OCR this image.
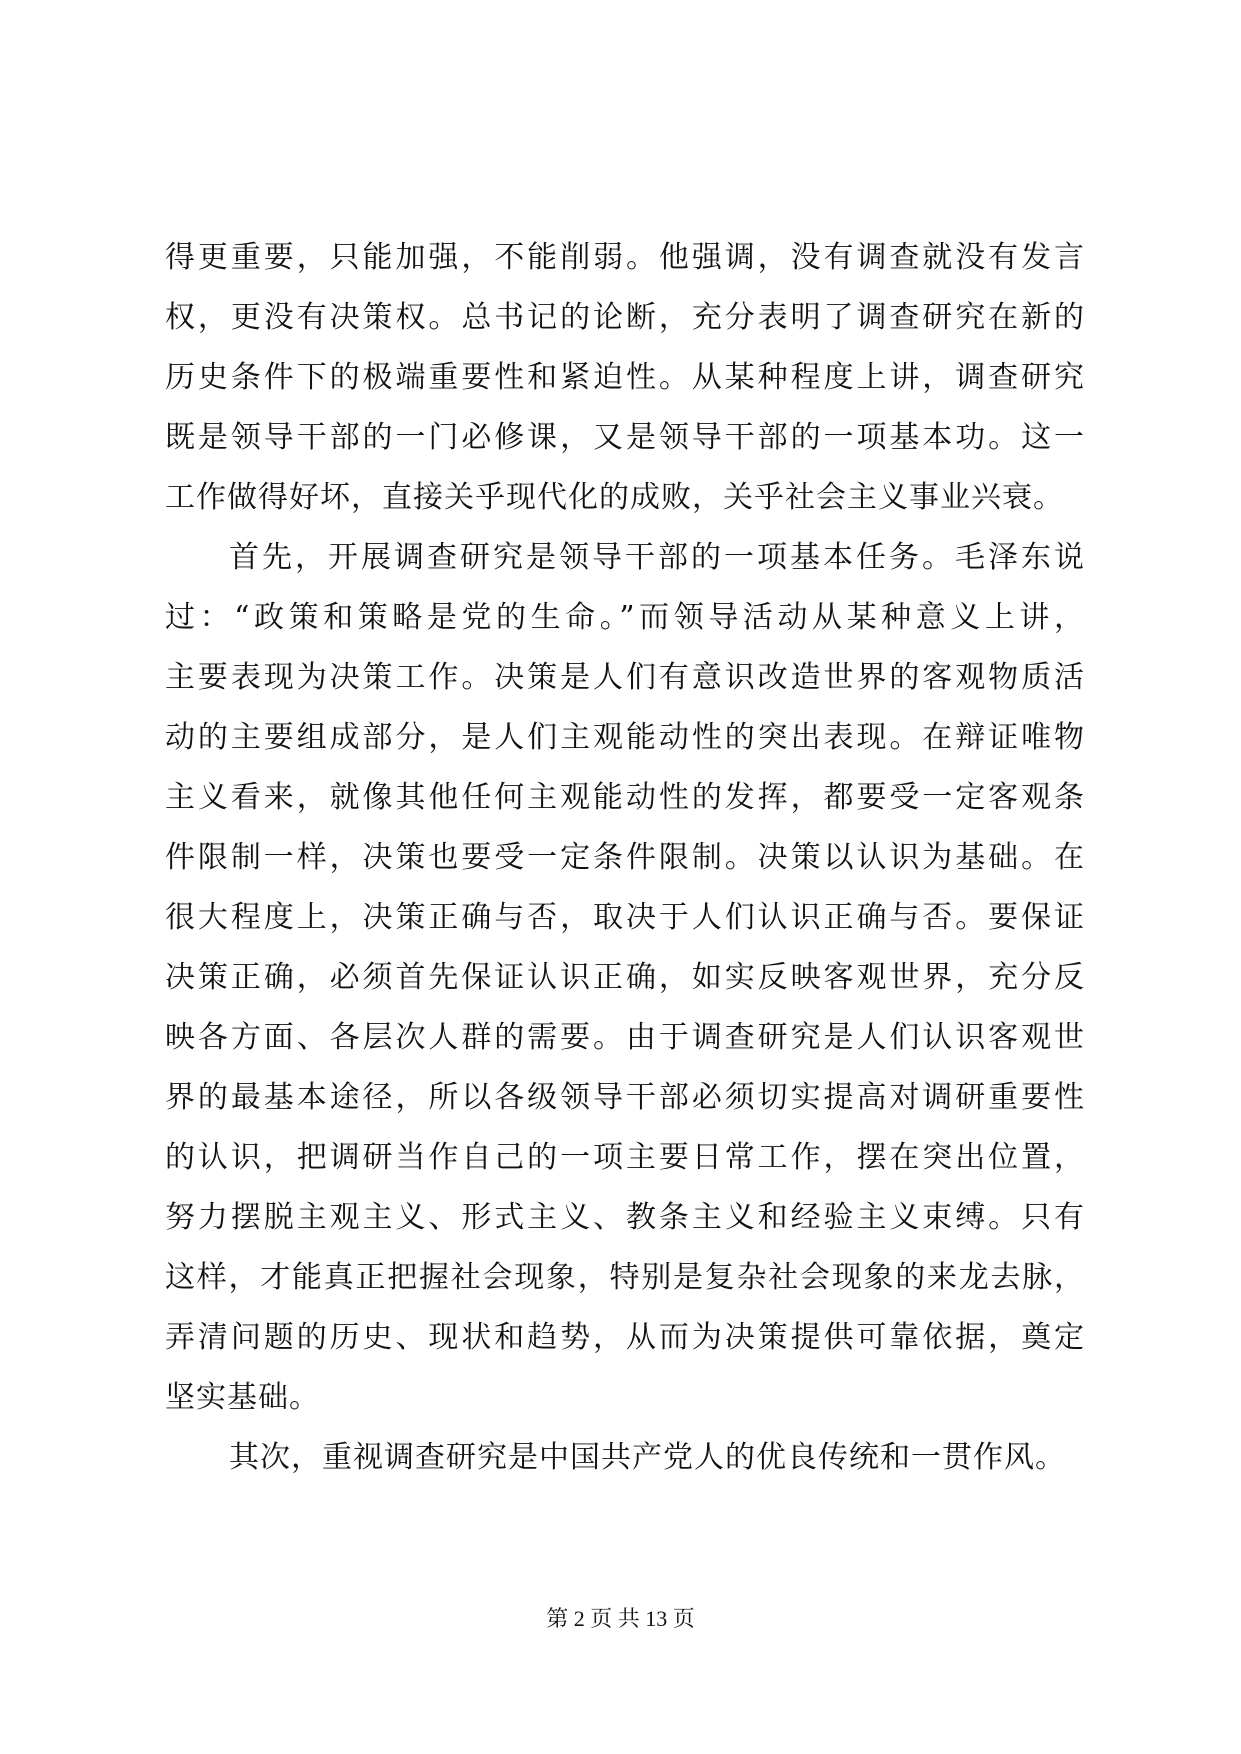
得更重要，只能加强，不能削弱。他强调，没有调查就没有发言
权，更没有决策权。总书记的论断，充分表明了调查研究在新的
历史条件下的极端重要性和紧迫性。从某种程度上讲，调查研究
既是领导干部的一门必修课，又是领导干部的一项基本功。这一
工作做得好坏，直接关乎现代化的成败，关乎社会主义事业兴衰。
首先，开展调查研究是领导干部的一项基本任务。毛泽东说
过：“政策和策略是党的生命。”而领导活动从某种意义上讲，
主要表现为决策工作。决策是人们有意识改造世界的客观物质活
动的主要组成部分，是人们主观能动性的突出表现。在辩证唯物
主义看来，就像其他任何主观能动性的发挥，都要受一定客观条
件限制一样，决策也要受一定条件限制。决策以认识为基础。在
很大程度上，决策正确与否，取决于人们认识正确与否。要保证
决策正确，必须首先保证认识正确，如实反映客观世界，充分反
映各方面、各层次人群的需要。由于调查研究是人们认识客观世
界的最基本途径，所以各级领导干部必须切实提高对调研重要性
的认识，把调研当作自己的一项主要日常工作，摆在突出位置，
努力摆脱主观主义、形式主义、教条主义和经验主义束缚。只有
这样，才能真正把握社会现象，特别是复杂社会现象的来龙去脉，
弄清问题的历史、现状和趋势，从而为决策提供可靠依据，奠定
坚实基础。
其次，重视调查研究是中国共产党人的优良传统和一贯作风。
第 2 页 共 13 页
